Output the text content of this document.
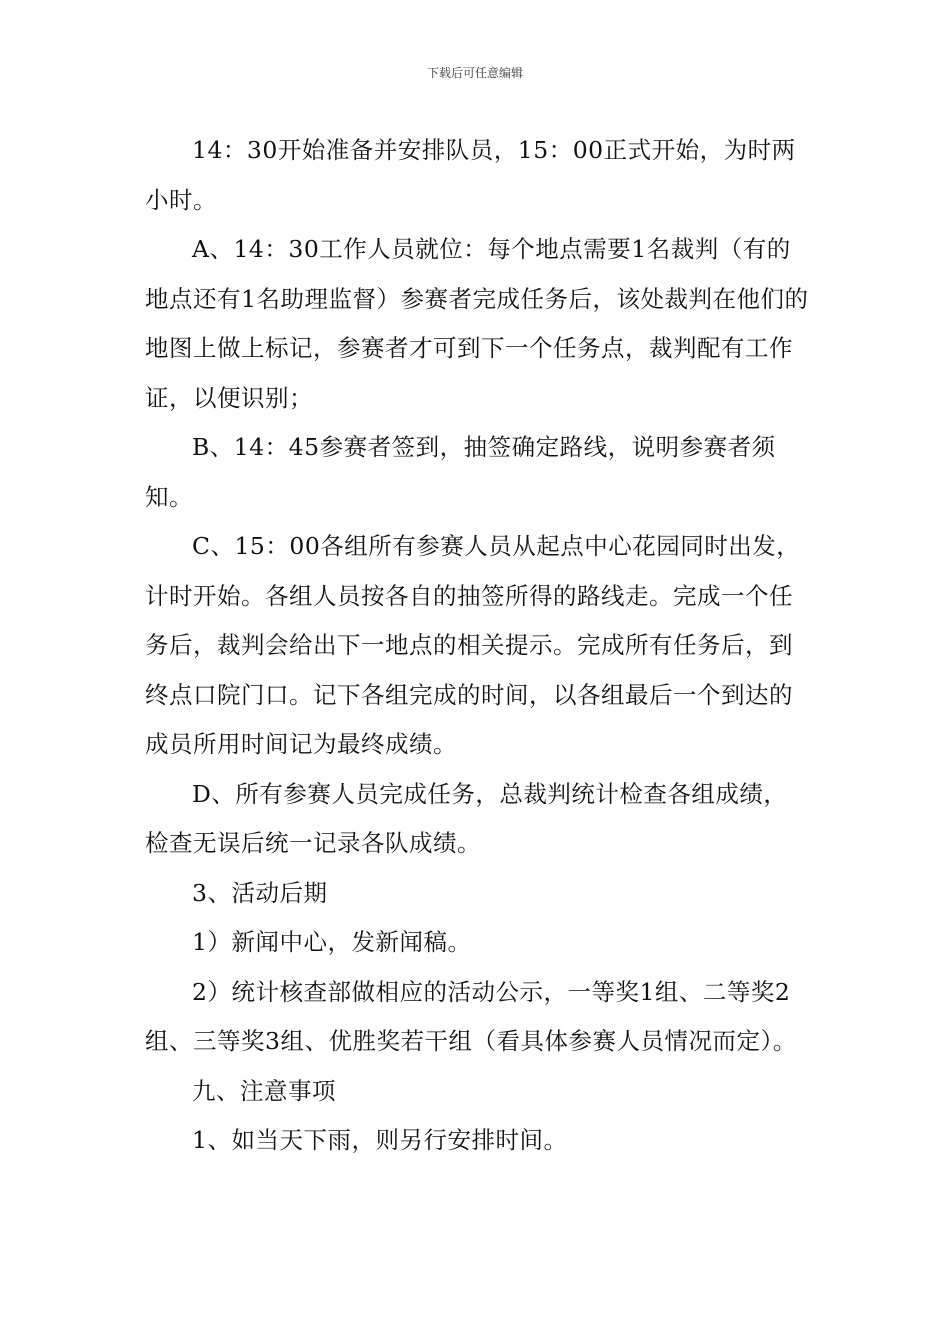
下载后可任意编辑

14：30开始准备并安排队员，15：00正式开始，为时两小时。

A、14：30工作人员就位：每个地点需要1名裁判（有的地点还有1名助理监督）参赛者完成任务后，该处裁判在他们的地图上做上标记，参赛者才可到下一个任务点，裁判配有工作证，以便识别；

B、14：45参赛者签到，抽签确定路线，说明参赛者须知。

C、15：00各组所有参赛人员从起点中心花园同时出发，计时开始。各组人员按各自的抽签所得的路线走。完成一个任务后，裁判会给出下一地点的相关提示。完成所有任务后，到终点口院门口。记下各组完成的时间，以各组最后一个到达的成员所用时间记为最终成绩。

D、所有参赛人员完成任务，总裁判统计检查各组成绩，检查无误后统一记录各队成绩。

3、活动后期

1）新闻中心，发新闻稿。

2）统计核查部做相应的活动公示，一等奖1组、二等奖2组、三等奖3组、优胜奖若干组（看具体参赛人员情况而定）。

九、注意事项

1、如当天下雨，则另行安排时间。
